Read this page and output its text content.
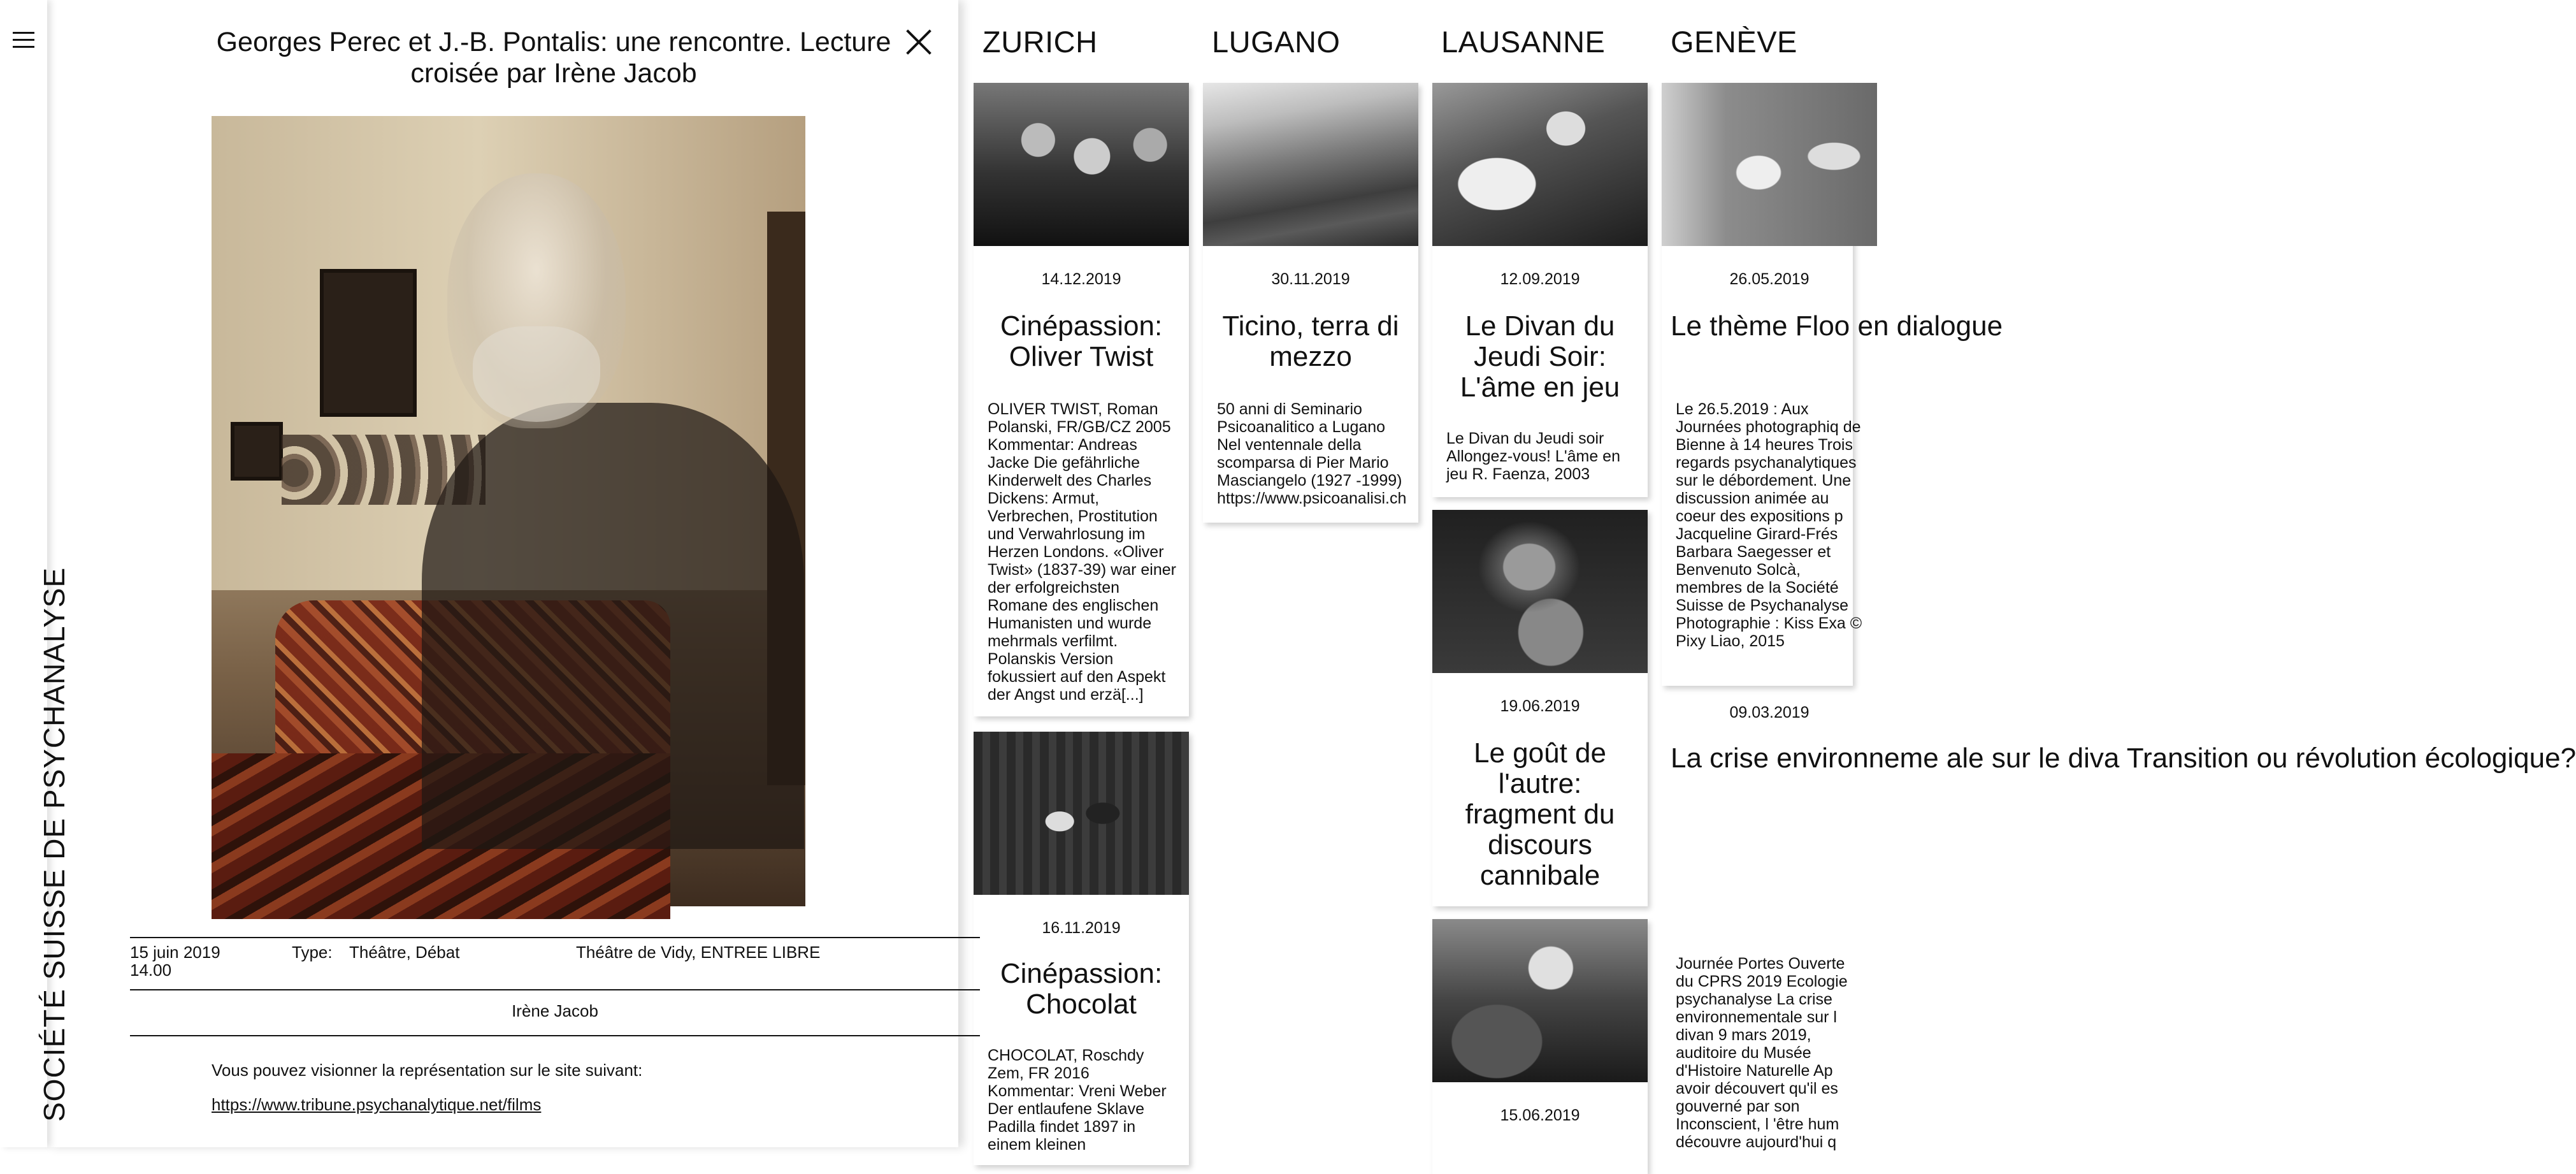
SOCIÉTÉ SUISSE DE PSYCHANALYSE
Georges Perec et J.-B. Pontalis: une rencontre. Lecture croisée par Irène Jacob
15 juin 2019
14.00
Type: Théâtre, Débat	Théâtre de Vidy, ENTREE LIBRE
Irène Jacob
Vous pouvez visionner la représentation sur le site suivant:
https://www.tribune.psychanalytique.net/films
ZURICH	LUGANO	LAUSANNE GENÈVE
14.12.2019
Cinépassion: Oliver Twist
OLIVER TWIST, Roman Polanski, FR/GB/CZ 2005 Kommentar: Andreas Jacke Die gefährliche Kinderwelt des Charles Dickens: Armut, Verbrechen, Prostitution und Verwahrlosung im Herzen Londons. «Oliver Twist» (1837-39) war einer der erfolgreichsten Romane des englischen Humanisten und wurde mehrmals verfilmt. Polanskis Version fokussiert auf den Aspekt der Angst und erzä[...]
16.11.2019
Cinépassion: Chocolat
CHOCOLAT, Roschdy Zem, FR 2016 Kommentar: Vreni Weber Der entlaufene Sklave Padilla findet 1897 in einem kleinen
30.11.2019
Ticino, terra di mezzo
50 anni di Seminario Psicoanalitico a Lugano Nel ventennale della scomparsa di Pier Mario Masciangelo (1927 -1999) https://www.psicoanalisi.ch
12.09.2019
Le Divan du Jeudi Soir: L'âme en jeu
Le Divan du Jeudi soir Allongez-vous! L'âme en jeu R. Faenza, 2003
19.06.2019
Le goût de l'autre: fragment du discours cannibale
15.06.2019
26.05.2019
Le thème Floo en dialogue
Le 26.5.2019 : Aux Journées photographiq de Bienne à 14 heures Trois regards psychanalytiques sur le débordement. Une discussion animée au coeur des expositions p Jacqueline Girard-Frés Barbara Saegesser et Benvenuto Solcà, membres de la Société Suisse de Psychanalyse Photographie : Kiss Exa © Pixy Liao, 2015
09.03.2019
La crise environneme ale sur le diva Transition ou révolution écologique?
Journée Portes Ouverte du CPRS 2019 Ecologie psychanalyse La crise environnementale sur l divan 9 mars 2019, auditoire du Musée d'Histoire Naturelle Ap avoir découvert qu'il es gouverné par son Inconscient, l 'être hum découvre aujourd'hui q
